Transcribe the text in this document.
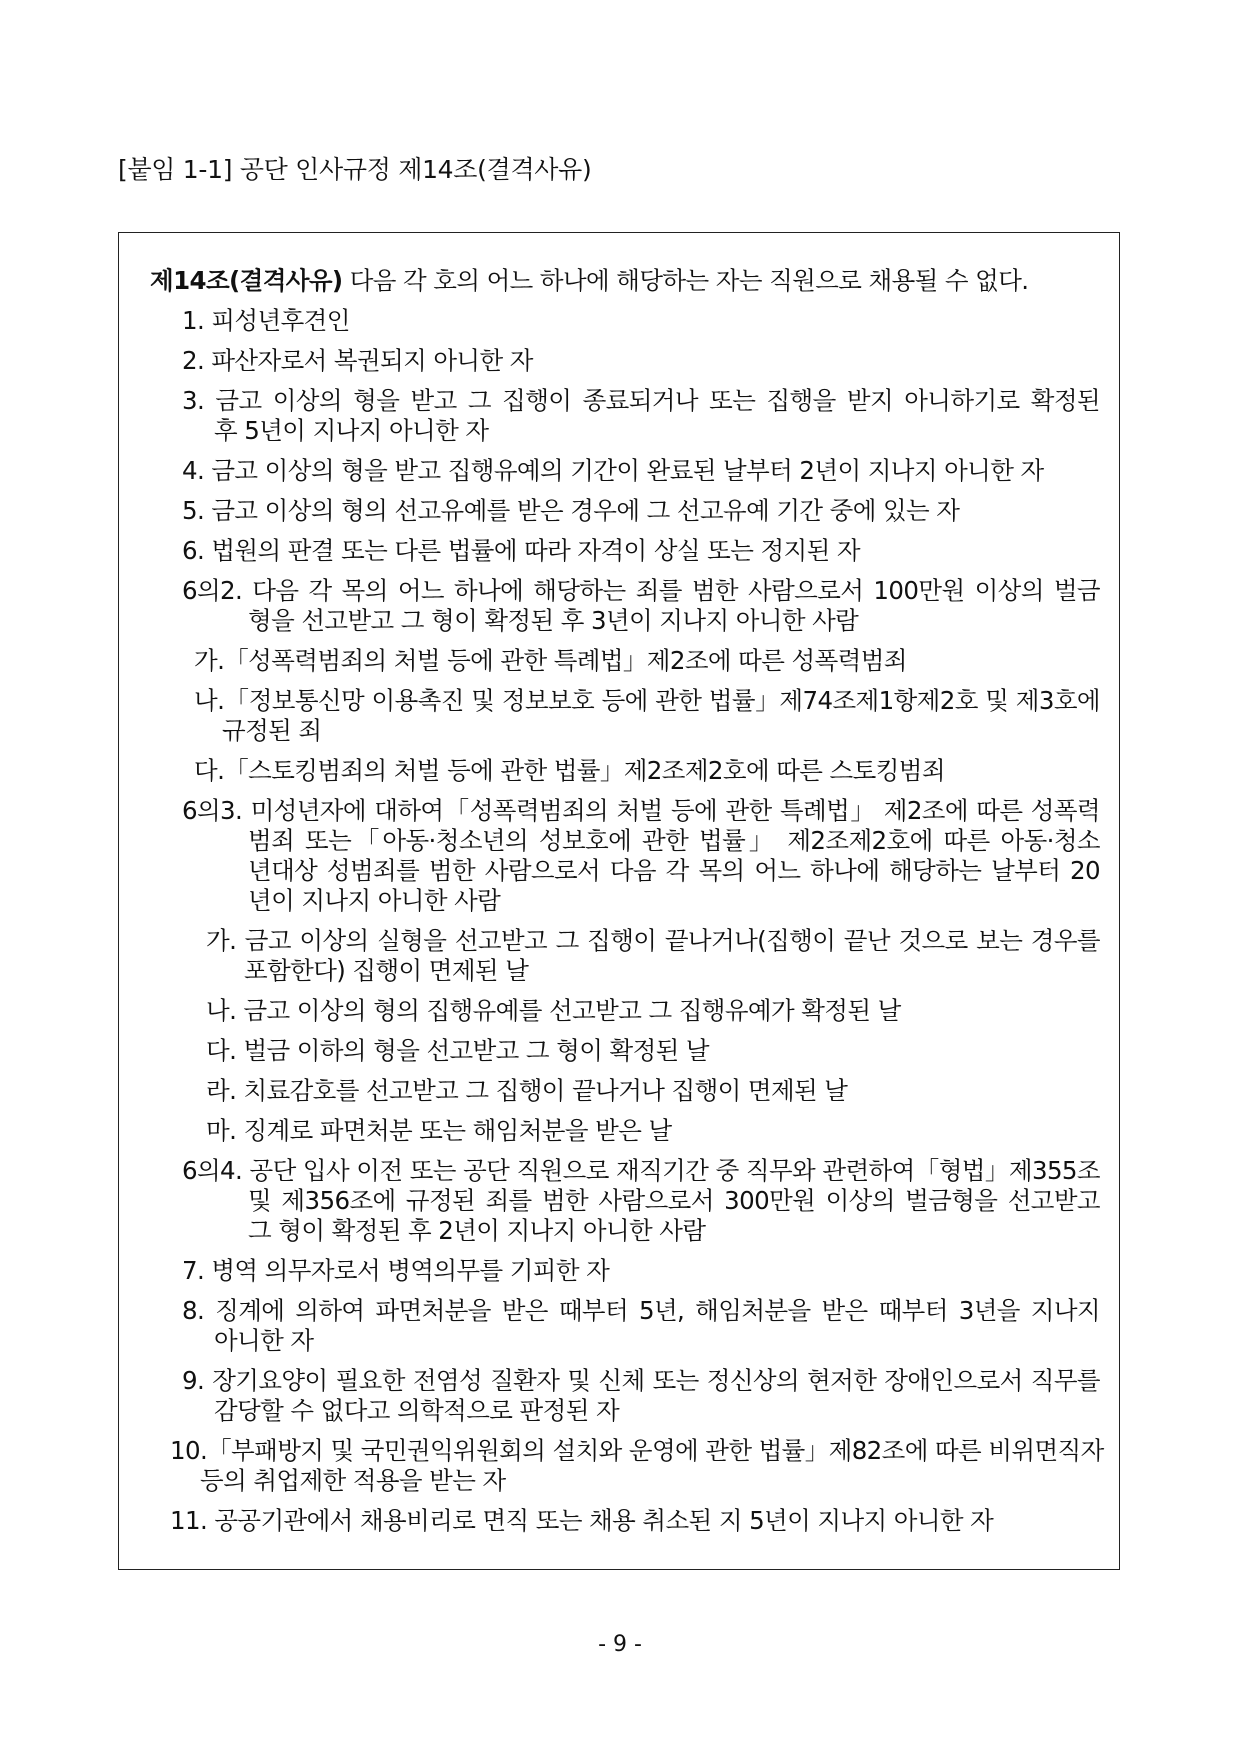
[붙임 1-1] 공단 인사규정 제14조(결격사유)
제14조(결격사유) 다음 각 호의 어느 하나에 해당하는 자는 직원으로 채용될 수 없다.
1. 피성년후견인
2. 파산자로서 복권되지 아니한 자
3. 금고 이상의 형을 받고 그 집행이 종료되거나 또는 집행을 받지 아니하기로 확정된
후 5년이 지나지 아니한 자
4. 금고 이상의 형을 받고 집행유예의 기간이 완료된 날부터 2년이 지나지 아니한 자
5. 금고 이상의 형의 선고유예를 받은 경우에 그 선고유예 기간 중에 있는 자
6. 법원의 판결 또는 다른 법률에 따라 자격이 상실 또는 정지된 자
6의2. 다음 각 목의 어느 하나에 해당하는 죄를 범한 사람으로서 100만원 이상의 벌금
형을 선고받고 그 형이 확정된 후 3년이 지나지 아니한 사람
가.「성폭력범죄의 처벌 등에 관한 특례법」제2조에 따른 성폭력범죄
나.「정보통신망 이용촉진 및 정보보호 등에 관한 법률」제74조제1항제2호 및 제3호에
규정된 죄
다.「스토킹범죄의 처벌 등에 관한 법률」제2조제2호에 따른 스토킹범죄
6의3. 미성년자에 대하여「성폭력범죄의 처벌 등에 관한 특례법」 제2조에 따른 성폭력
범죄 또는「아동·청소년의 성보호에 관한 법률」 제2조제2호에 따른 아동·청소
년대상 성범죄를 범한 사람으로서 다음 각 목의 어느 하나에 해당하는 날부터 20
년이 지나지 아니한 사람
가. 금고 이상의 실형을 선고받고 그 집행이 끝나거나(집행이 끝난 것으로 보는 경우를
포함한다) 집행이 면제된 날
나. 금고 이상의 형의 집행유예를 선고받고 그 집행유예가 확정된 날
다. 벌금 이하의 형을 선고받고 그 형이 확정된 날
라. 치료감호를 선고받고 그 집행이 끝나거나 집행이 면제된 날
마. 징계로 파면처분 또는 해임처분을 받은 날
6의4. 공단 입사 이전 또는 공단 직원으로 재직기간 중 직무와 관련하여「형법」제355조
및 제356조에 규정된 죄를 범한 사람으로서 300만원 이상의 벌금형을 선고받고
그 형이 확정된 후 2년이 지나지 아니한 사람
7. 병역 의무자로서 병역의무를 기피한 자
8. 징계에 의하여 파면처분을 받은 때부터 5년, 해임처분을 받은 때부터 3년을 지나지
아니한 자
9. 장기요양이 필요한 전염성 질환자 및 신체 또는 정신상의 현저한 장애인으로서 직무를
감당할 수 없다고 의학적으로 판정된 자
10.「부패방지 및 국민권익위원회의 설치와 운영에 관한 법률」제82조에 따른 비위면직자
등의 취업제한 적용을 받는 자
11. 공공기관에서 채용비리로 면직 또는 채용 취소된 지 5년이 지나지 아니한 자
- 9 -
